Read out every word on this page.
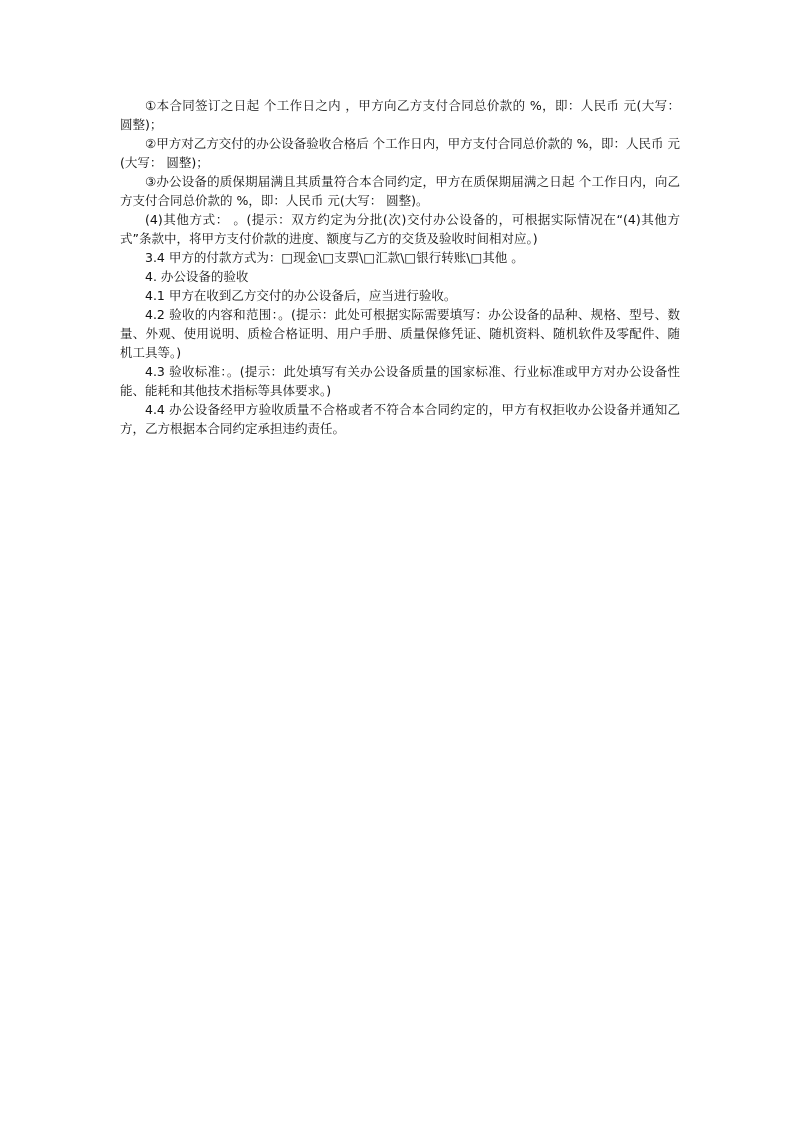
①本合同签订之日起 个工作日之内 ，甲方向乙方支付合同总价款的 %，即：人民币 元(大写： 圆整)；

②甲方对乙方交付的办公设备验收合格后 个工作日内，甲方支付合同总价款的 %，即：人民币 元(大写： 圆整)；

③办公设备的质保期届满且其质量符合本合同约定，甲方在质保期届满之日起 个工作日内，向乙方支付合同总价款的 %，即：人民币 元(大写： 圆整)。

(4)其他方式： 。(提示：双方约定为分批(次)交付办公设备的，可根据实际情况在“(4)其他方式”条款中，将甲方支付价款的进度、额度与乙方的交货及验收时间相对应。)

3.4 甲方的付款方式为：□现金\□支票\□汇款\□银行转账\□其他 。

4. 办公设备的验收

4.1 甲方在收到乙方交付的办公设备后，应当进行验收。

4.2 验收的内容和范围：。(提示：此处可根据实际需要填写：办公设备的品种、规格、型号、数量、外观、使用说明、质检合格证明、用户手册、质量保修凭证、随机资料、随机软件及零配件、随机工具等。)

4.3 验收标准：。(提示：此处填写有关办公设备质量的国家标准、行业标准或甲方对办公设备性能、能耗和其他技术指标等具体要求。)

4.4 办公设备经甲方验收质量不合格或者不符合本合同约定的，甲方有权拒收办公设备并通知乙方，乙方根据本合同约定承担违约责任。
